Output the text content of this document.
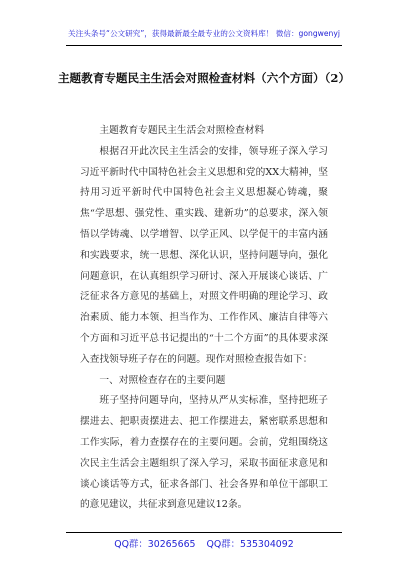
关注头条号“公文研究”，获得最新最全最专业的公文资料库！ 微信：gongwenyj
主题教育专题民主生活会对照检查材料（六个方面）（2）

主题教育专题民主生活会对照检查材料

根据召开此次民主生活会的安排，领导班子深入学习习近平新时代中国特色社会主义思想和党的XX大精神，坚持用习近平新时代中国特色社会主义思想凝心铸魂，聚焦“学思想、强党性、重实践、建新功”的总要求，深入领悟以学铸魂、以学增智、以学正风、以学促干的丰富内涵和实践要求，统一思想、深化认识，坚持问题导向，强化问题意识，在认真组织学习研讨、深入开展谈心谈话、广泛征求各方意见的基础上，对照文件明确的理论学习、政治素质、能力本领、担当作为、工作作风、廉洁自律等六个方面和习近平总书记提出的“十二个方面”的具体要求深入查找领导班子存在的问题。现作对照检查报告如下：

一、对照检查存在的主要问题

班子坚持问题导向，坚持从严从实标准，坚持把班子摆进去、把职责摆进去、把工作摆进去，紧密联系思想和工作实际，着力查摆存在的主要问题。会前，党组围绕这次民主生活会主题组织了深入学习，采取书面征求意见和谈心谈话等方式，征求各部门、社会各界和单位干部职工的意见建议，共征求到意见建议12条。

QQ群：30265665 QQ群：535304092
